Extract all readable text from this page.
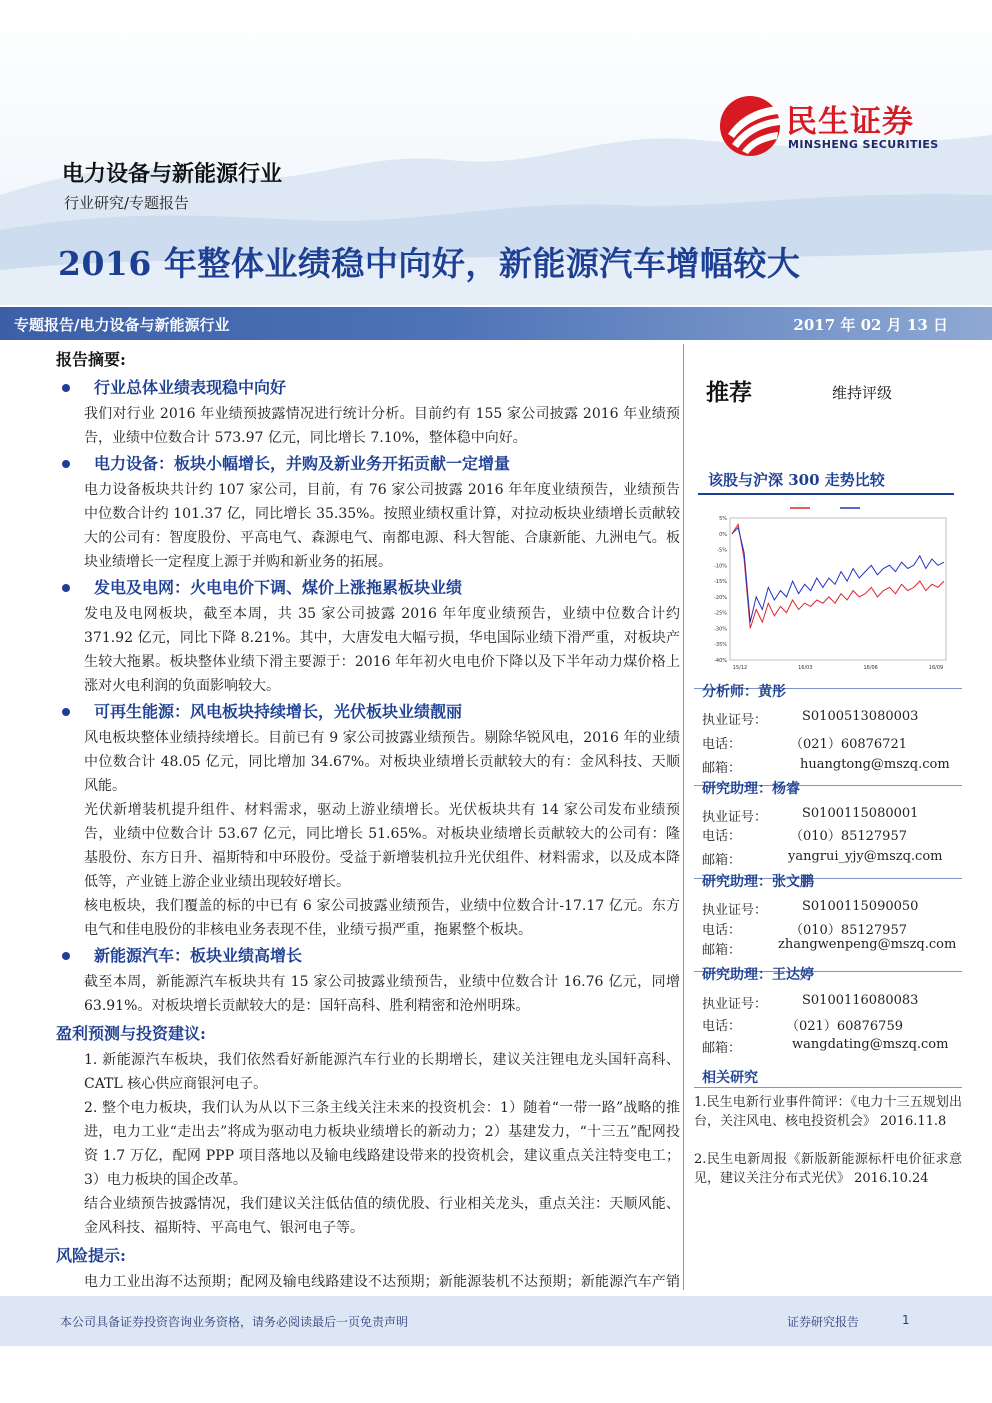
民生证券
MINSHENG SECURITIES
电力设备与新能源行业
行业研究/专题报告
2016 年整体业绩稳中向好，新能源汽车增幅较大
专题报告/电力设备与新能源行业	2017 年 02 月 13 日
报告摘要:
行业总体业绩表现稳中向好
我们对行业 2016 年业绩预披露情况进行统计分析。目前约有 155 家公司披露 2016 年业绩预告，业绩中位数合计 573.97 亿元，同比增长 7.10%，整体稳中向好。
电力设备：板块小幅增长，并购及新业务开拓贡献一定增量
电力设备板块共计约 107 家公司，目前，有 76 家公司披露 2016 年年度业绩预告，业绩预告中位数合计约 101.37 亿，同比增长 35.35%。按照业绩权重计算，对拉动板块业绩增长贡献较大的公司有：智度股份、平高电气、森源电气、南都电源、科大智能、合康新能、九洲电气。板块业绩增长一定程度上源于并购和新业务的拓展。
发电及电网：火电电价下调、煤价上涨拖累板块业绩
发电及电网板块，截至本周，共 35 家公司披露 2016 年年度业绩预告，业绩中位数合计约 371.92 亿元，同比下降 8.21%。其中，大唐发电大幅亏损，华电国际业绩下滑严重，对板块产生较大拖累。板块整体业绩下滑主要源于：2016 年年初火电电价下降以及下半年动力煤价格上涨对火电利润的负面影响较大。
可再生能源：风电板块持续增长，光伏板块业绩靓丽
风电板块整体业绩持续增长。目前已有 9 家公司披露业绩预告。剔除华锐风电，2016 年的业绩中位数合计 48.05 亿元，同比增加 34.67%。对板块业绩增长贡献较大的有：金风科技、天顺风能。
光伏新增装机提升组件、材料需求，驱动上游业绩增长。光伏板块共有 14 家公司发布业绩预告，业绩中位数合计 53.67 亿元，同比增长 51.65%。对板块业绩增长贡献较大的公司有：隆基股份、东方日升、福斯特和中环股份。受益于新增装机拉升光伏组件、材料需求，以及成本降低等，产业链上游企业业绩出现较好增长。
核电板块，我们覆盖的标的中已有 6 家公司披露业绩预告，业绩中位数合计-17.17 亿元。东方电气和佳电股份的非核电业务表现不佳，业绩亏损严重，拖累整个板块。
新能源汽车：板块业绩高增长
截至本周，新能源汽车板块共有 15 家公司披露业绩预告，业绩中位数合计 16.76 亿元，同增 63.91%。对板块增长贡献较大的是：国轩高科、胜利精密和沧州明珠。
盈利预测与投资建议:
1. 新能源汽车板块，我们依然看好新能源汽车行业的长期增长，建议关注锂电龙头国轩高科、CATL 核心供应商银河电子。
2. 整个电力板块，我们认为从以下三条主线关注未来的投资机会：1）随着“一带一路”战略的推进，电力工业“走出去”将成为驱动电力板块业绩增长的新动力；2）基建发力，“十三五”配网投资 1.7 万亿，配网 PPP 项目落地以及输电线路建设带来的投资机会，建议重点关注特变电工；3）电力板块的国企改革。
结合业绩预告披露情况，我们建议关注低估值的绩优股、行业相关龙头，重点关注：天顺风能、金风科技、福斯特、平高电气、银河电子等。
风险提示:
电力工业出海不达预期；配网及输电线路建设不达预期；新能源装机不达预期；新能源汽车产销
推荐	维持评级
该股与沪深 300 走势比较
5%
0%
-5%
-10%
-15%
-20%
-25%
-30%
-35%
-40%
15/12	16/03	16/06	16/09
分析师：黄彤
执业证号：	S0100513080003
电话：	（021）60876721
邮箱：	huangtong@mszq.com
研究助理：杨睿
执业证号：	S0100115080001
电话：	（010）85127957
邮箱：	yangrui_yjy@mszq.com
研究助理：张文鹏
执业证号：	S0100115090050
电话：	（010）85127957
邮箱：	zhangwenpeng@mszq.com
研究助理：王达婷
执业证号：	S0100116080083
电话：	（021）60876759
邮箱：	wangdating@mszq.com
相关研究
1.民生电新行业事件简评：《电力十三五规划出台，关注风电、核电投资机会》 2016.11.8
2.民生电新周报《新版新能源标杆电价征求意见，建议关注分布式光伏》 2016.10.24
本公司具备证券投资咨询业务资格，请务必阅读最后一页免责声明	证券研究报告	1
